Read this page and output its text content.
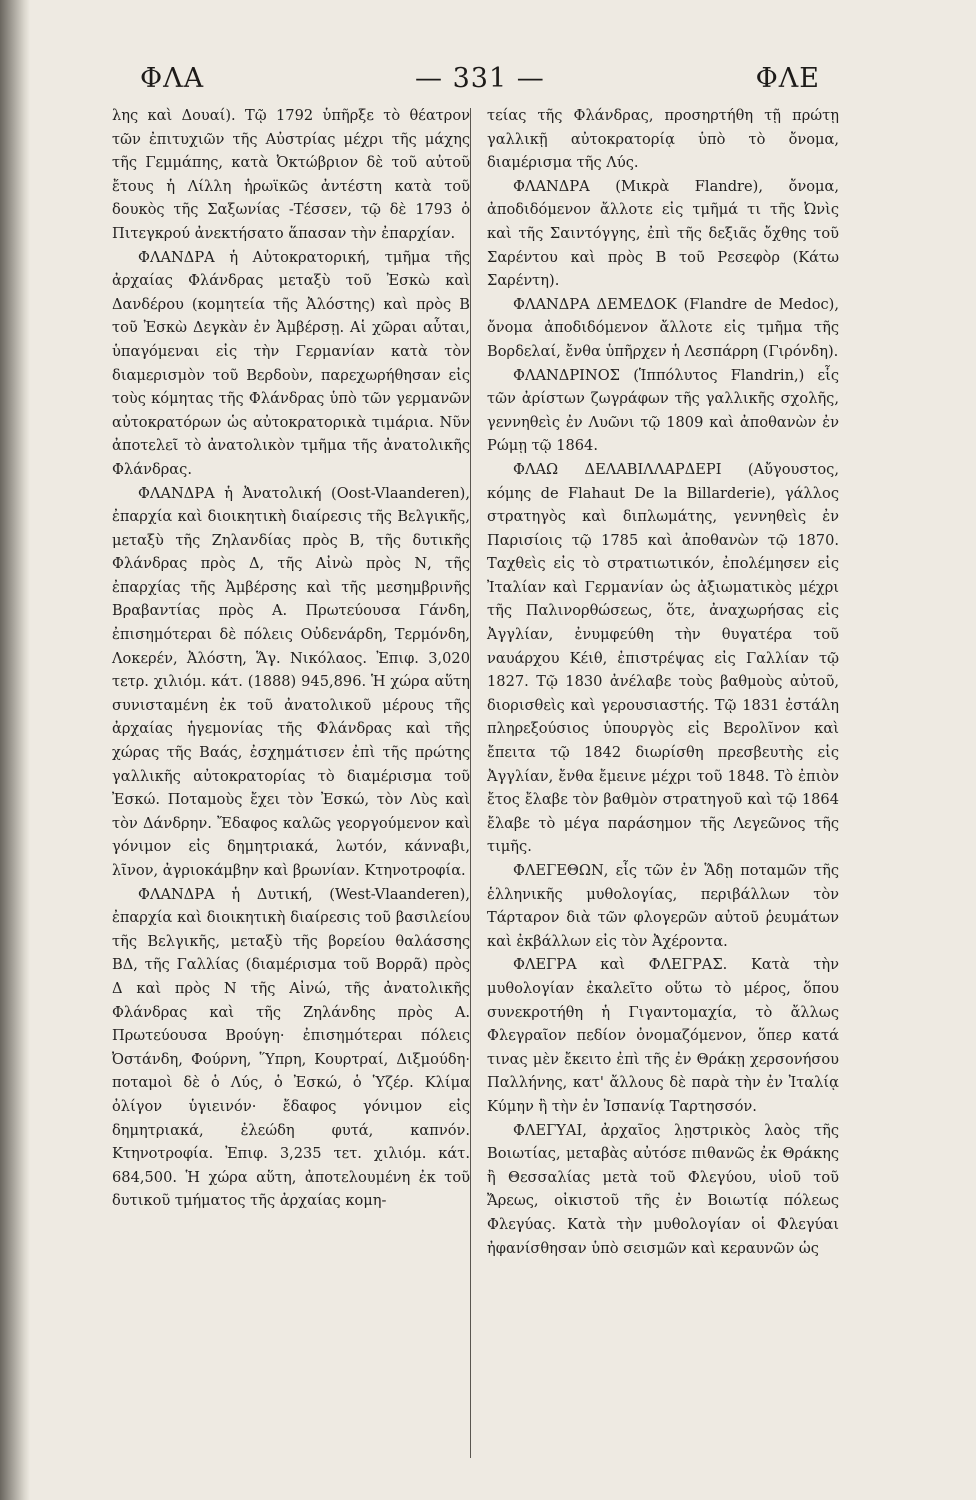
ΦΛΑ	— 331 —	ΦΛΕ

λης καὶ Δουαί). Τῷ 1792 ὑπῆρξε τὸ θέατρον τῶν ἐπιτυχιῶν τῆς Αὐστρίας μέχρι τῆς μάχης τῆς Γεμμάπης, κατὰ Ὀκτώβριον δὲ τοῦ αὐτοῦ ἔτους ἡ Λίλλη ἡρωϊκῶς ἀντέστη κατὰ τοῦ δουκὸς τῆς Σαξωνίας -Τέσσεν, τῷ δὲ 1793 ὁ Πιτεγκρού ἀνεκτήσατο ἅπασαν τὴν ἐπαρχίαν.

ΦΛΑΝΔΡΑ ἡ Αὐτοκρατορική, τμῆμα τῆς ἀρχαίας Φλάνδρας μεταξὺ τοῦ Ἐσκὼ καὶ Δανδέρου (κομητεία τῆς Ἀλόστης) καὶ πρὸς Β τοῦ Ἐσκὼ Δεγκὰν ἐν Ἀμβέρσῃ. Αἱ χῶραι αὗται, ὑπαγόμεναι εἰς τὴν Γερμανίαν κατὰ τὸν διαμερισμὸν τοῦ Βερδοὺν, παρεχωρήθησαν εἰς τοὺς κόμητας τῆς Φλάνδρας ὑπὸ τῶν γερμανῶν αὐτοκρατόρων ὡς αὐτοκρατορικὰ τιμάρια. Νῦν ἀποτελεῖ τὸ ἀνατολικὸν τμῆμα τῆς ἀνατολικῆς Φλάνδρας.

ΦΛΑΝΔΡΑ ἡ Ἀνατολική (Oost-Vlaanderen), ἐπαρχία καὶ διοικητικὴ διαίρεσις τῆς Βελγικῆς, μεταξὺ τῆς Ζηλανδίας πρὸς Β, τῆς δυτικῆς Φλάνδρας πρὸς Δ, τῆς Αἰνὼ πρὸς Ν, τῆς ἐπαρχίας τῆς Ἀμβέρσης καὶ τῆς μεσημβρινῆς Βραβαντίας πρὸς Α. Πρωτεύουσα Γάνδη, ἐπισημότεραι δὲ πόλεις Οὐδενάρδη, Τερμόνδη, Λοκερέν, Ἀλόστη, Ἅγ. Νικόλαος. Ἐπιφ. 3,020 τετρ. χιλιόμ. κάτ. (1888) 945,896. Ἡ χώρα αὕτη συνισταμένη ἐκ τοῦ ἀνατολικοῦ μέρους τῆς ἀρχαίας ἡγεμονίας τῆς Φλάνδρας καὶ τῆς χώρας τῆς Βαάς, ἐσχημάτισεν ἐπὶ τῆς πρώτης γαλλικῆς αὐτοκρατορίας τὸ διαμέρισμα τοῦ Ἐσκώ. Ποταμοὺς ἔχει τὸν Ἐσκώ, τὸν Λὺς καὶ τὸν Δάνδρην. Ἔδαφος καλῶς γεοργούμενον καὶ γόνιμον εἰς δημητριακά, λωτόν, κάνναβι, λῖνον, ἀγριοκάμβην καὶ βρωνίαν. Κτηνοτροφία.

ΦΛΑΝΔΡΑ ἡ Δυτική, (West-Vlaanderen), ἐπαρχία καὶ διοικητικὴ διαίρεσις τοῦ βασιλείου τῆς Βελγικῆς, μεταξὺ τῆς βορείου θαλάσσης ΒΔ, τῆς Γαλλίας (διαμέρισμα τοῦ Βορρᾶ) πρὸς Δ καὶ πρὸς Ν τῆς Αἰνώ, τῆς ἀνατολικῆς Φλάνδρας καὶ τῆς Ζηλάνδης πρὸς Α. Πρωτεύουσα Βρούγη· ἐπισημότεραι πόλεις Ὀστάνδη, Φούρνη, Ὕπρη, Κουρτραί, Διξμούδη· ποταμοὶ δὲ ὁ Λύς, ὁ Ἐσκώ, ὁ Ὑζέρ. Κλίμα ὀλίγον ὑγιεινόν· ἔδαφος γόνιμον εἰς δημητριακά, ἐλεώδη φυτά, καπνόν. Κτηνοτροφία. Ἐπιφ. 3,235 τετ. χιλιόμ. κάτ. 684,500. Ἡ χώρα αὕτη, ἀποτελουμένη ἐκ τοῦ δυτικοῦ τμήματος τῆς ἀρχαίας κομη-

τείας τῆς Φλάνδρας, προσηρτήθη τῇ πρώτῃ γαλλικῇ αὐτοκρατορίᾳ ὑπὸ τὸ ὄνομα, διαμέρισμα τῆς Λύς.

ΦΛΑΝΔΡΑ (Μικρὰ Flandre), ὄνομα, ἀποδιδόμενον ἄλλοτε εἰς τμῆμά τι τῆς Ὠνὶς καὶ τῆς Σαιντόγγης, ἐπὶ τῆς δεξιᾶς ὄχθης τοῦ Σαρέντου καὶ πρὸς Β τοῦ Ρεσεφὸρ (Κάτω Σαρέντη).

ΦΛΑΝΔΡΑ ΔΕΜΕΔΟΚ (Flandre de Medoc), ὄνομα ἀποδιδόμενον ἄλλοτε εἰς τμῆμα τῆς Βορδελαί, ἔνθα ὑπῆρχεν ἡ Λεσπάρρη (Γιρόνδη).

ΦΛΑΝΔΡΙΝΟΣ (Ἱππόλυτος Flandrin,) εἷς τῶν ἀρίστων ζωγράφων τῆς γαλλικῆς σχολῆς, γεννηθεὶς ἐν Λυῶνι τῷ 1809 καὶ ἀποθανὼν ἐν Ρώμῃ τῷ 1864.

ΦΛΑΩ ΔΕΛΑΒΙΛΛΑΡΔΕΡΙ (Αὔγουστος, κόμης de Flahaut De la Billarderie), γάλλος στρατηγὸς καὶ διπλωμάτης, γεννηθεὶς ἐν Παρισίοις τῷ 1785 καὶ ἀποθανὼν τῷ 1870. Ταχθεὶς εἰς τὸ στρατιωτικόν, ἐπολέμησεν εἰς Ἰταλίαν καὶ Γερμανίαν ὡς ἀξιωματικὸς μέχρι τῆς Παλινορθώσεως, ὅτε, ἀναχωρήσας εἰς Ἀγγλίαν, ἐνυμφεύθη τὴν θυγατέρα τοῦ ναυάρχου Κέιθ, ἐπιστρέψας εἰς Γαλλίαν τῷ 1827. Τῷ 1830 ἀνέλαβε τοὺς βαθμοὺς αὐτοῦ, διορισθεὶς καὶ γερουσιαστής. Τῷ 1831 ἐστάλη πληρεξούσιος ὑπουργὸς εἰς Βερολῖνον καὶ ἔπειτα τῷ 1842 διωρίσθη πρεσβευτὴς εἰς Ἀγγλίαν, ἔνθα ἔμεινε μέχρι τοῦ 1848. Τὸ ἐπιὸν ἔτος ἔλαβε τὸν βαθμὸν στρατηγοῦ καὶ τῷ 1864 ἔλαβε τὸ μέγα παράσημον τῆς Λεγεῶνος τῆς τιμῆς.

ΦΛΕΓΕΘΩΝ, εἷς τῶν ἐν Ἅδῃ ποταμῶν τῆς ἑλληνικῆς μυθολογίας, περιβάλλων τὸν Τάρταρον διὰ τῶν φλογερῶν αὐτοῦ ῥευμάτων καὶ ἐκβάλλων εἰς τὸν Ἀχέροντα.

ΦΛΕΓΡΑ καὶ ΦΛΕΓΡΑΣ. Κατὰ τὴν μυθολογίαν ἐκαλεῖτο οὕτω τὸ μέρος, ὅπου συνεκροτήθη ἡ Γιγαντομαχία, τὸ ἄλλως Φλεγραῖον πεδίον ὀνομαζόμενον, ὅπερ κατά τινας μὲν ἔκειτο ἐπὶ τῆς ἐν Θράκῃ χερσονήσου Παλλήνης, κατ' ἄλλους δὲ παρὰ τὴν ἐν Ἰταλίᾳ Κύμην ἢ τὴν ἐν Ἰσπανίᾳ Ταρτησσόν.

ΦΛΕΓΥΑΙ, ἀρχαῖος λῃστρικὸς λαὸς τῆς Βοιωτίας, μεταβὰς αὐτόσε πιθανῶς ἐκ Θράκης ἢ Θεσσαλίας μετὰ τοῦ Φλεγύου, υἱοῦ τοῦ Ἄρεως, οἰκιστοῦ τῆς ἐν Βοιωτίᾳ πόλεως Φλεγύας. Κατὰ τὴν μυθολογίαν οἱ Φλεγύαι ἠφανίσθησαν ὑπὸ σεισμῶν καὶ κεραυνῶν ὡς
